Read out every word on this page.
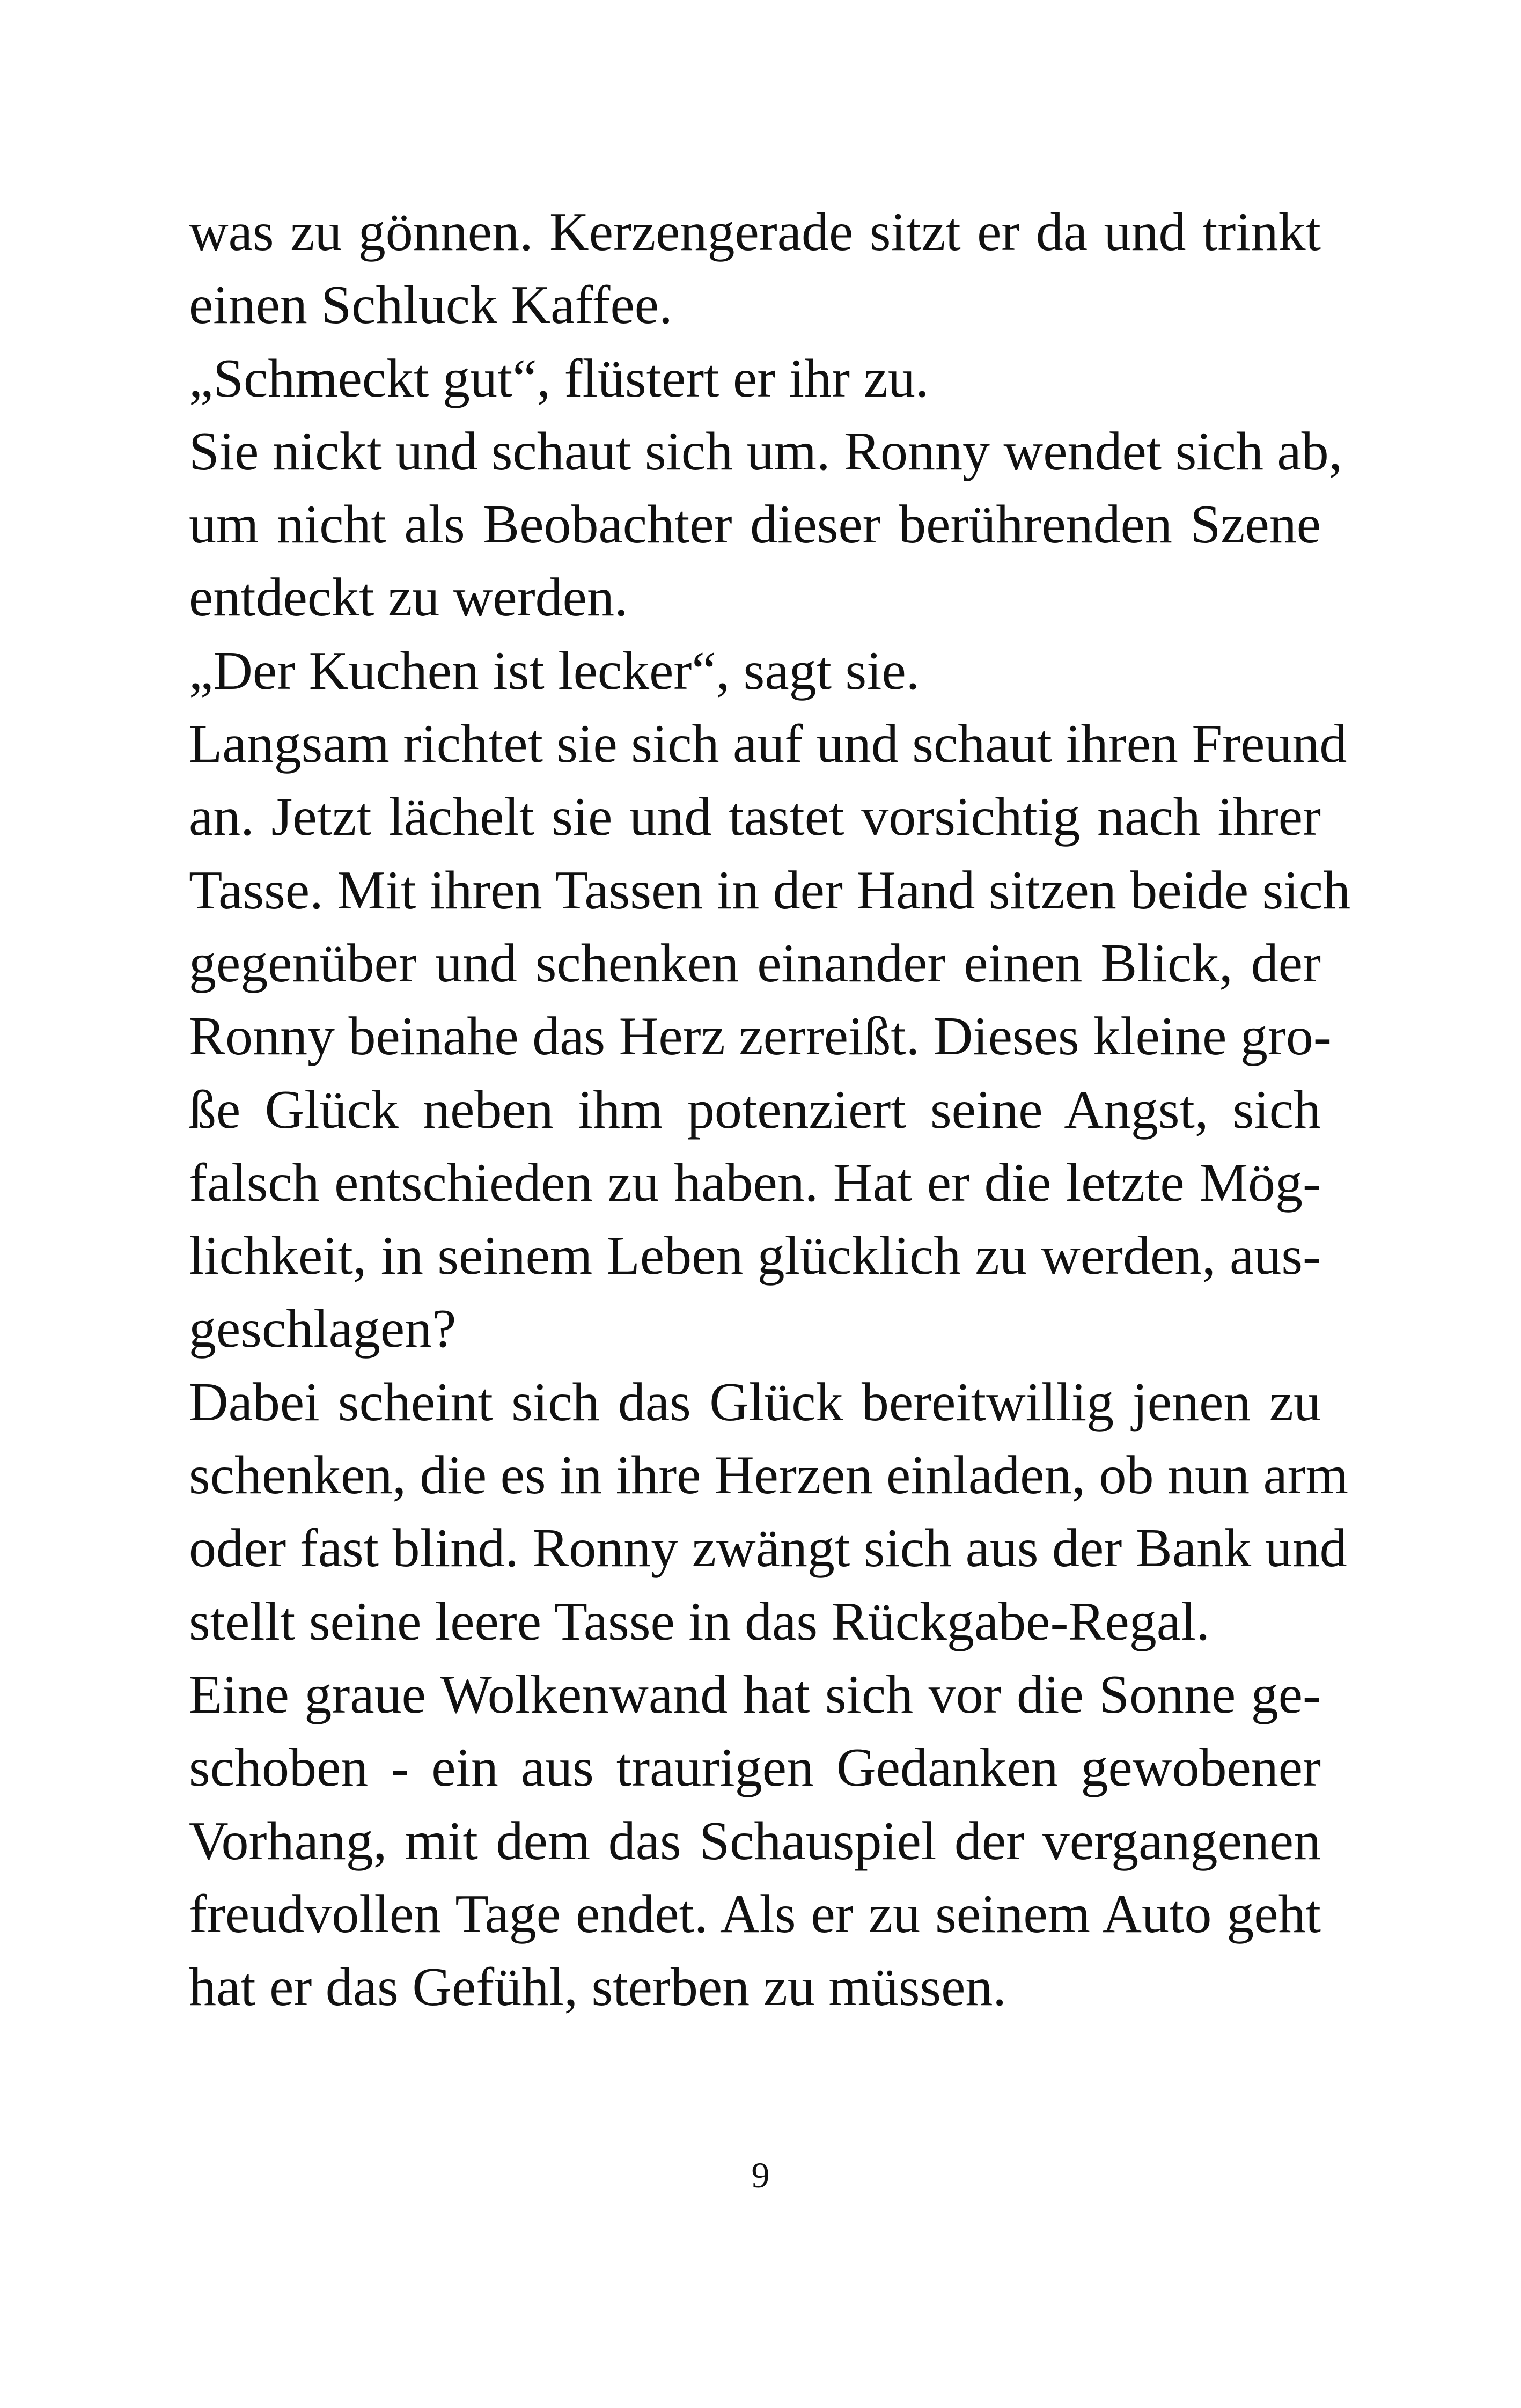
was zu gönnen. Kerzengerade sitzt er da und trinkt
einen Schluck Kaffee.
„Schmeckt gut“, flüstert er ihr zu.
Sie nickt und schaut sich um. Ronny wendet sich ab,
um nicht als Beobachter dieser berührenden Szene
entdeckt zu werden.
„Der Kuchen ist lecker“, sagt sie.
Langsam richtet sie sich auf und schaut ihren Freund
an. Jetzt lächelt sie und tastet vorsichtig nach ihrer
Tasse. Mit ihren Tassen in der Hand sitzen beide sich
gegenüber und schenken einander einen Blick, der
Ronny beinahe das Herz zerreißt. Dieses kleine gro-
ße Glück neben ihm potenziert seine Angst, sich
falsch entschieden zu haben. Hat er die letzte Mög-
lichkeit, in seinem Leben glücklich zu werden, aus-
geschlagen?
Dabei scheint sich das Glück bereitwillig jenen zu
schenken, die es in ihre Herzen einladen, ob nun arm
oder fast blind. Ronny zwängt sich aus der Bank und
stellt seine leere Tasse in das Rückgabe-Regal.
Eine graue Wolkenwand hat sich vor die Sonne ge-
schoben - ein aus traurigen Gedanken gewobener
Vorhang, mit dem das Schauspiel der vergangenen
freudvollen Tage endet. Als er zu seinem Auto geht
hat er das Gefühl, sterben zu müssen.
9
